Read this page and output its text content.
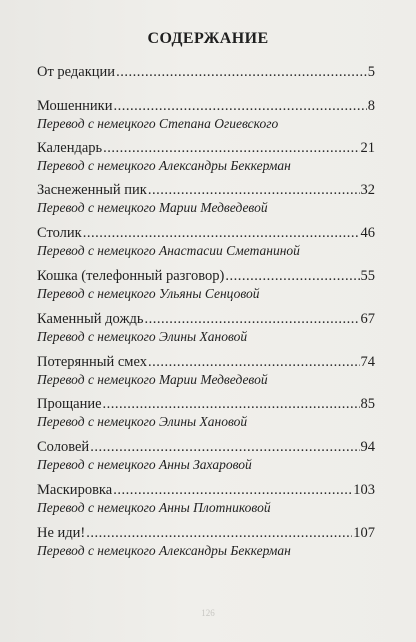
СОДЕРЖАНИЕ
От редакции .....	5
Мошенники .....	8
Перевод с немецкого Степана Огиевского
Календарь .....	21
Перевод с немецкого Александры Беккерман
Заснеженный пик .....	32
Перевод с немецкого Марии Медведевой
Столик .....	46
Перевод с немецкого Анастасии Сметаниной
Кошка (телефонный разговор) .....	55
Перевод с немецкого Ульяны Сенцовой
Каменный дождь .....	67
Перевод с немецкого Элины Хановой
Потерянный смех .....	74
Перевод с немецкого Марии Медведевой
Прощание .....	85
Перевод с немецкого Элины Хановой
Соловей .....	94
Перевод с немецкого Анны Захаровой
Маскировка .....	103
Перевод с немецкого Анны Плотниковой
Не иди! .....	107
Перевод с немецкого Александры Беккерман
126
